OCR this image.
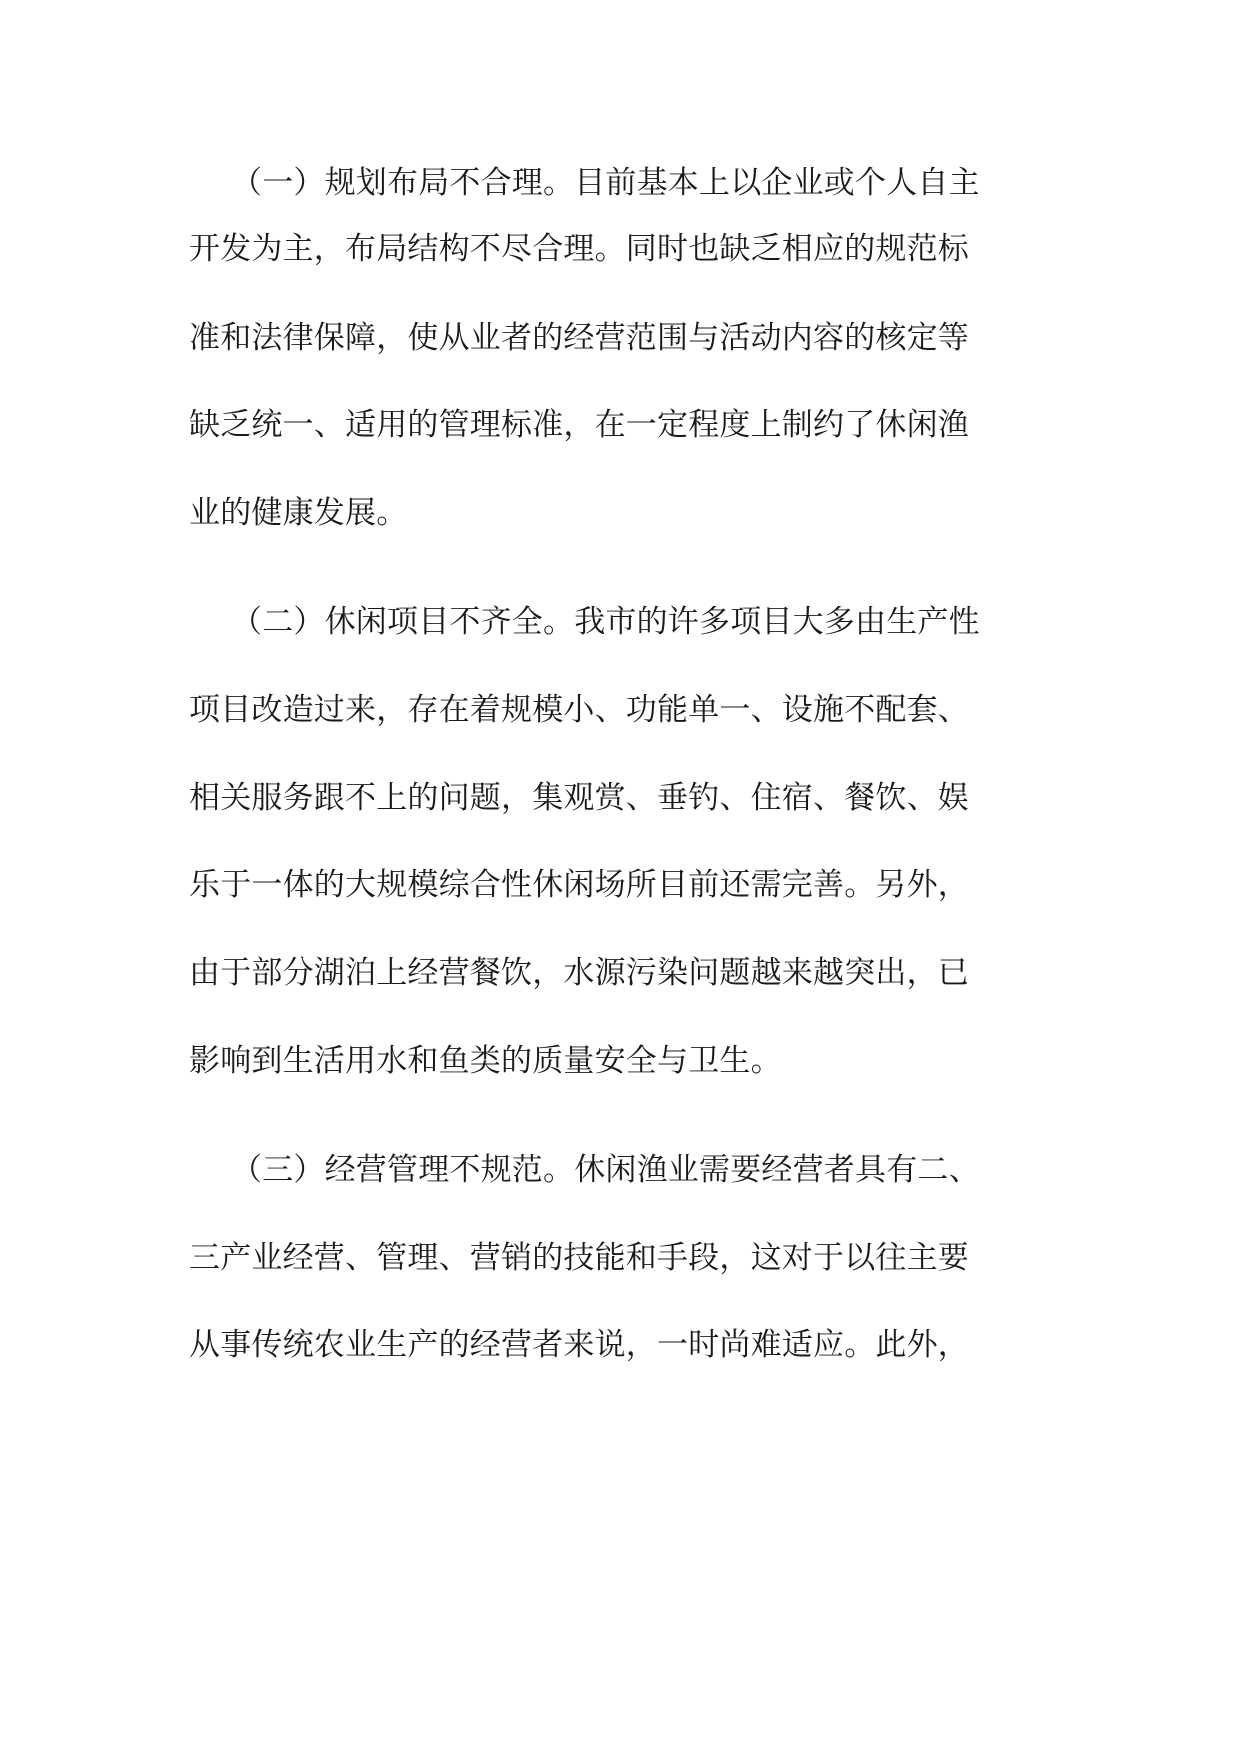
（一）规划布局不合理。目前基本上以企业或个人自主
开发为主，布局结构不尽合理。同时也缺乏相应的规范标
准和法律保障，使从业者的经营范围与活动内容的核定等
缺乏统一、适用的管理标准，在一定程度上制约了休闲渔
业的健康发展。
（二）休闲项目不齐全。我市的许多项目大多由生产性
项目改造过来，存在着规模小、功能单一、设施不配套、
相关服务跟不上的问题，集观赏、垂钓、住宿、餐饮、娱
乐于一体的大规模综合性休闲场所目前还需完善。另外，
由于部分湖泊上经营餐饮，水源污染问题越来越突出，已
影响到生活用水和鱼类的质量安全与卫生。
（三）经营管理不规范。休闲渔业需要经营者具有二、
三产业经营、管理、营销的技能和手段，这对于以往主要
从事传统农业生产的经营者来说，一时尚难适应。此外，
